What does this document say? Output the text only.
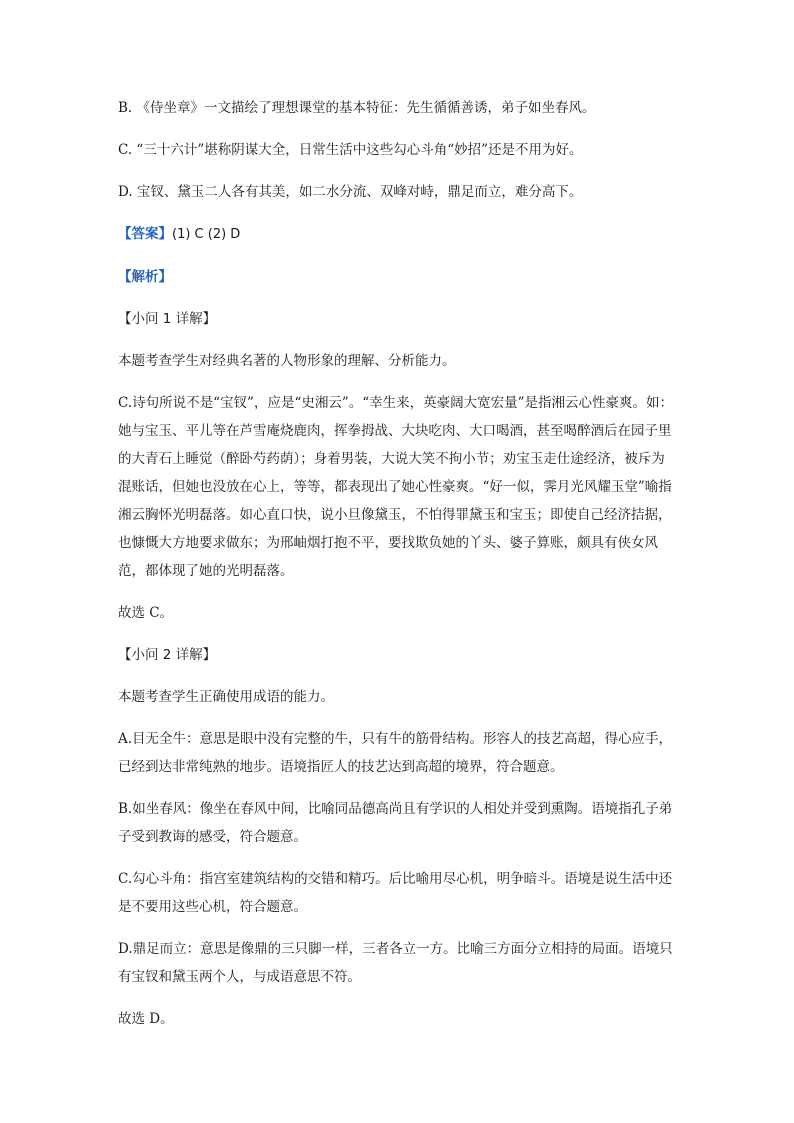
B. 《侍坐章》一文描绘了理想课堂的基本特征：先生循循善诱，弟子如坐春风。

C. “三十六计”堪称阴谋大全，日常生活中这些勾心斗角“妙招”还是不用为好。

D. 宝钗、黛玉二人各有其美，如二水分流、双峰对峙，鼎足而立，难分高下。

【答案】(1) C (2) D

【解析】

【小问 1 详解】

本题考查学生对经典名著的人物形象的理解、分析能力。

C.诗句所说不是“宝钗”，应是“史湘云”。“幸生来，英豪阔大宽宏量”是指湘云心性豪爽。如：她与宝玉、平儿等在芦雪庵烧鹿肉，挥拳拇战、大块吃肉、大口喝酒，甚至喝醉酒后在园子里的大青石上睡觉（醉卧芍药荫）；身着男装，大说大笑不拘小节；劝宝玉走仕途经济，被斥为混账话，但她也没放在心上，等等，都表现出了她心性豪爽。“好一似，霁月光风耀玉堂”喻指湘云胸怀光明磊落。如心直口快，说小旦像黛玉，不怕得罪黛玉和宝玉；即使自己经济拮据，也慷慨大方地要求做东；为邢岫烟打抱不平，要找欺负她的丫头、婆子算账，颇具有侠女风范，都体现了她的光明磊落。

故选 C。

【小问 2 详解】

本题考查学生正确使用成语的能力。

A.目无全牛：意思是眼中没有完整的牛，只有牛的筋骨结构。形容人的技艺高超，得心应手，已经到达非常纯熟的地步。语境指匠人的技艺达到高超的境界，符合题意。

B.如坐春风：像坐在春风中间，比喻同品德高尚且有学识的人相处并受到熏陶。语境指孔子弟子受到教诲的感受，符合题意。

C.勾心斗角：指宫室建筑结构的交错和精巧。后比喻用尽心机，明争暗斗。语境是说生活中还是不要用这些心机，符合题意。

D.鼎足而立：意思是像鼎的三只脚一样，三者各立一方。比喻三方面分立相持的局面。语境只有宝钗和黛玉两个人，与成语意思不符。

故选 D。
